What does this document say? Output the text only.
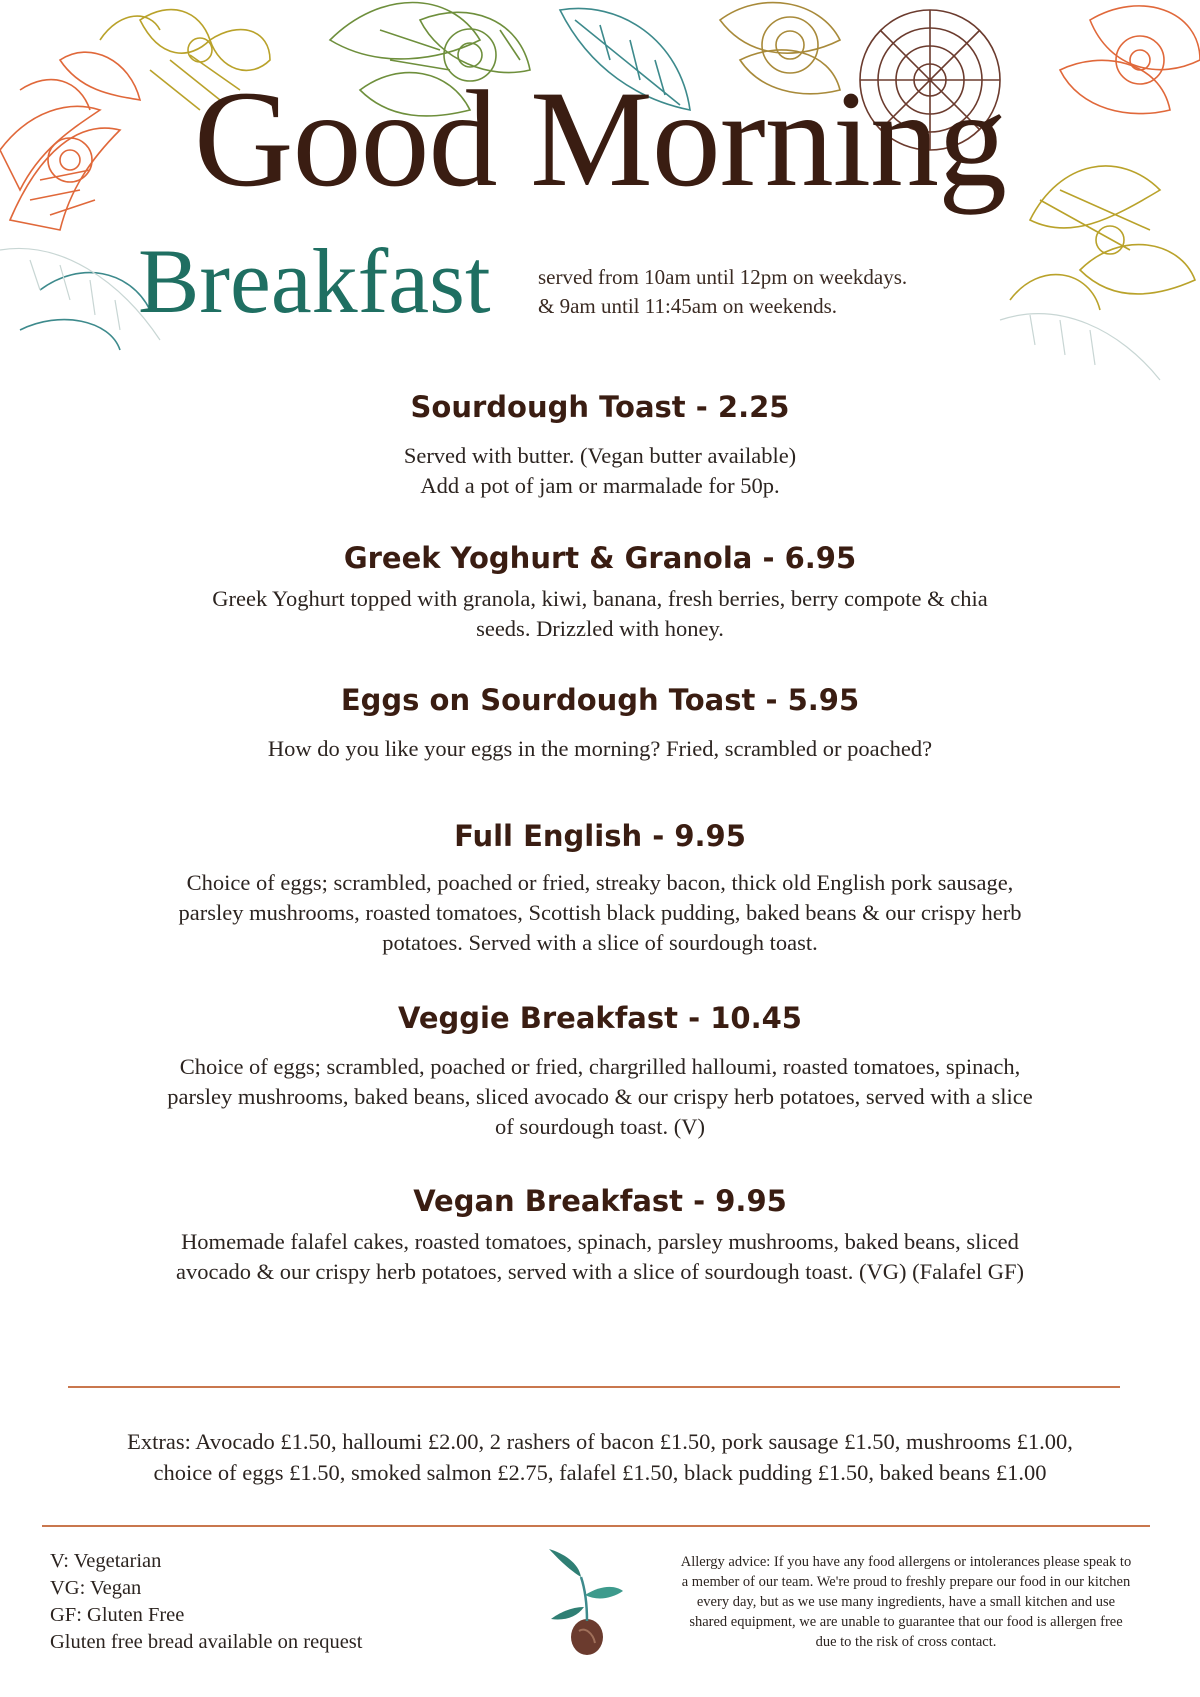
Good Morning
Breakfast served from 10am until 12pm on weekdays.
& 9am until 11:45am on weekends.
Sourdough Toast - 2.25
Served with butter. (Vegan butter available)
Add a pot of jam or marmalade for 50p.
Greek Yoghurt & Granola - 6.95
Greek Yoghurt topped with granola, kiwi, banana, fresh berries, berry compote & chia
seeds. Drizzled with honey.
Eggs on Sourdough Toast - 5.95
How do you like your eggs in the morning? Fried, scrambled or poached?
Full English - 9.95
Choice of eggs; scrambled, poached or fried, streaky bacon, thick old English pork sausage,
parsley mushrooms, roasted tomatoes, Scottish black pudding, baked beans & our crispy herb
potatoes. Served with a slice of sourdough toast.
Veggie Breakfast - 10.45
Choice of eggs; scrambled, poached or fried, chargrilled halloumi, roasted tomatoes, spinach,
parsley mushrooms, baked beans, sliced avocado & our crispy herb potatoes, served with a slice
of sourdough toast. (V)
Vegan Breakfast - 9.95
Homemade falafel cakes, roasted tomatoes, spinach, parsley mushrooms, baked beans, sliced
avocado & our crispy herb potatoes, served with a slice of sourdough toast. (VG) (Falafel GF)
Extras: Avocado £1.50, halloumi £2.00, 2 rashers of bacon £1.50, pork sausage £1.50, mushrooms £1.00,
choice of eggs £1.50, smoked salmon £2.75, falafel £1.50, black pudding £1.50, baked beans £1.00
V: Vegetarian
VG: Vegan
GF: Gluten Free
Gluten free bread available on request
Allergy advice: If you have any food allergens or intolerances please speak to
a member of our team. We're proud to freshly prepare our food in our kitchen
every day, but as we use many ingredients, have a small kitchen and use
shared equipment, we are unable to guarantee that our food is allergen free
due to the risk of cross contact.
